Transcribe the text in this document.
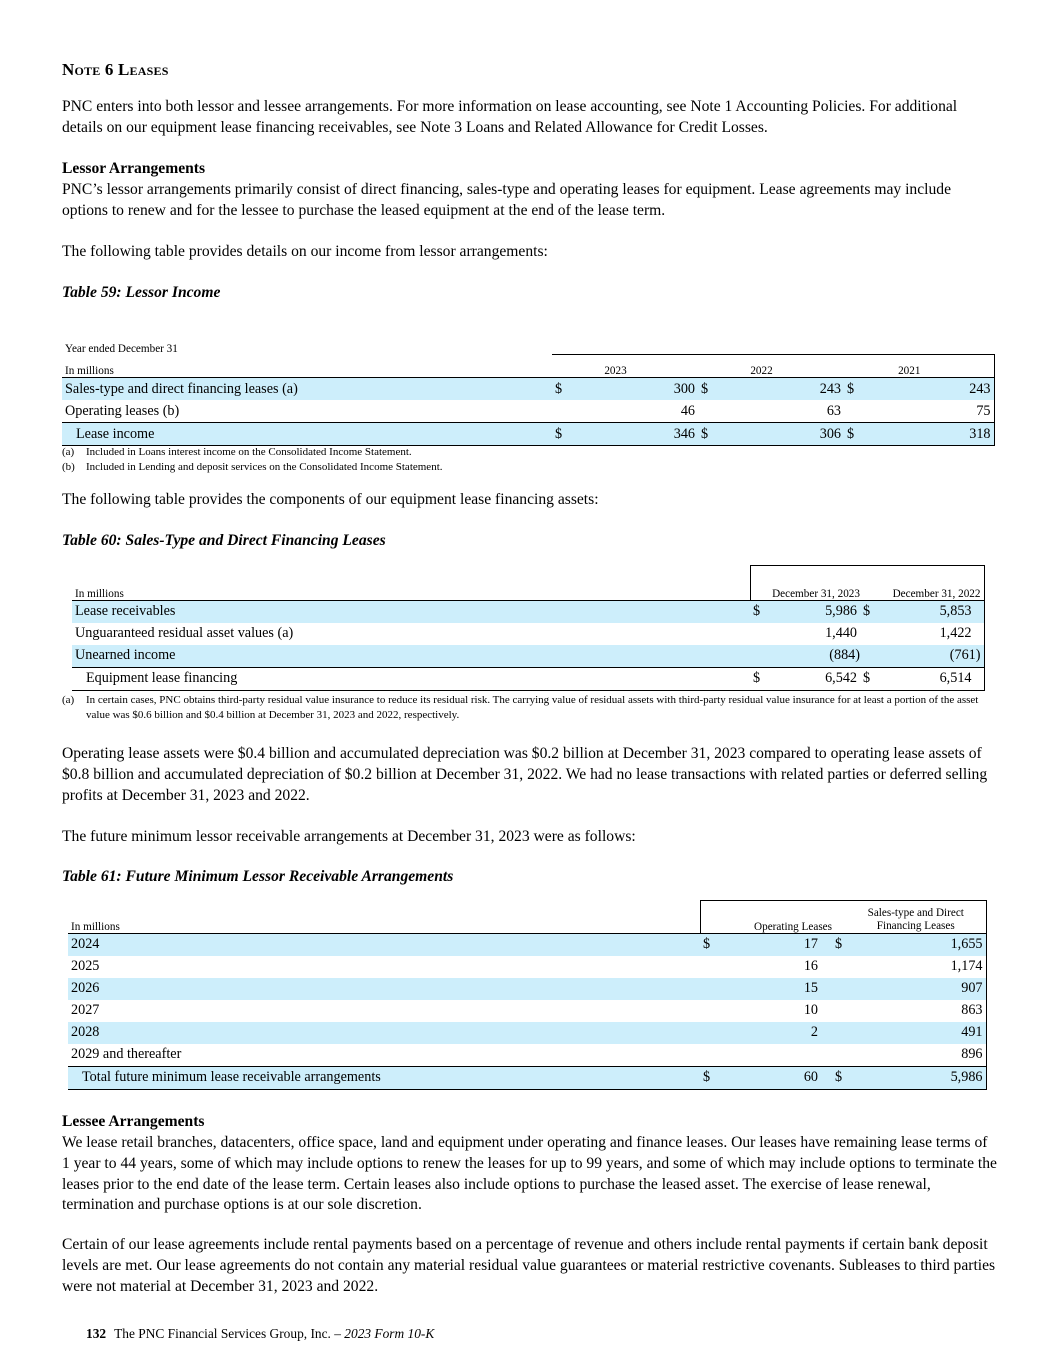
Note 6 Leases
PNC enters into both lessor and lessee arrangements. For more information on lease accounting, see Note 1 Accounting Policies. For additional details on our equipment lease financing receivables, see Note 3 Loans and Related Allowance for Credit Losses.
Lessor Arrangements
PNC’s lessor arrangements primarily consist of direct financing, sales-type and operating leases for equipment. Lease agreements may include options to renew and for the lessee to purchase the leased equipment at the end of the lease term.
The following table provides details on our income from lessor arrangements:
Table 59: Lessor Income
Year ended December 31						
In millions		2023		2022		2021
Sales-type and direct financing leases (a)	$	300	$	243	$	243
Operating leases (b)		46		63		75
Lease income	$	346	$	306	$	318
(a)	Included in Loans interest income on the Consolidated Income Statement.
(b)	Included in Lending and deposit services on the Consolidated Income Statement.
The following table provides the components of our equipment lease financing assets:
Table 60: Sales-Type and Direct Financing Leases
In millions		December 31, 2023		December 31, 2022
Lease receivables	$	5,986	$	5,853
Unguaranteed residual asset values (a)		1,440		1,422
Unearned income		(884)		(761)
Equipment lease financing	$	6,542	$	6,514
(a)	In certain cases, PNC obtains third-party residual value insurance to reduce its residual risk. The carrying value of residual assets with third-party residual value insurance for at least a portion of the asset value was $0.6 billion and $0.4 billion at December 31, 2023 and 2022, respectively.
Operating lease assets were $0.4 billion and accumulated depreciation was $0.2 billion at December 31, 2023 compared to operating lease assets of $0.8 billion and accumulated depreciation of $0.2 billion at December 31, 2022. We had no lease transactions with related parties or deferred selling profits at December 31, 2023 and 2022.
The future minimum lessor receivable arrangements at December 31, 2023 were as follows:
Table 61: Future Minimum Lessor Receivable Arrangements
In millions		Operating Leases		Sales-type and Direct
Financing Leases

2024	$	17	$	1,655
2025		16		1,174
2026		15		907
2027		10		863
2028		2		491
2029 and thereafter				896
Total future minimum lease receivable arrangements	$	60	$	5,986
Lessee Arrangements
We lease retail branches, datacenters, office space, land and equipment under operating and finance leases. Our leases have remaining lease terms of 1 year to 44 years, some of which may include options to renew the leases for up to 99 years, and some of which may include options to terminate the leases prior to the end date of the lease term. Certain leases also include options to purchase the leased asset. The exercise of lease renewal, termination and purchase options is at our sole discretion.
Certain of our lease agreements include rental payments based on a percentage of revenue and others include rental payments if certain bank deposit levels are met. Our lease agreements do not contain any material residual value guarantees or material restrictive covenants. Subleases to third parties were not material at December 31, 2023 and 2022.
132 The PNC Financial Services Group, Inc. – 2023 Form 10-K
